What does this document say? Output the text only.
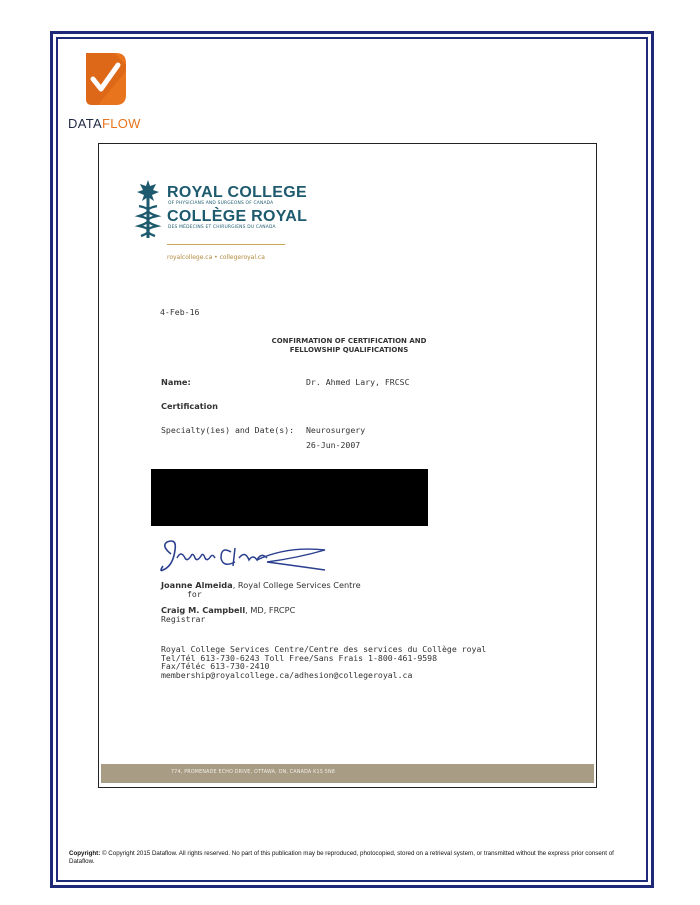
DATAFLOW
ROYAL COLLEGE
OF PHYSICIANS AND SURGEONS OF CANADA
COLLÈGE ROYAL
DES MÉDECINS ET CHIRURGIENS DU CANADA
royalcollege.ca • collegeroyal.ca
4-Feb-16
CONFIRMATION OF CERTIFICATION AND
FELLOWSHIP QUALIFICATIONS
Name:	Dr. Ahmed Lary, FRCSC
Certification
Specialty(ies) and Date(s): Neurosurgery
26-Jun-2007
Joanne Almeida, Royal College Services Centre
for
Craig M. Campbell, MD, FRCPC
Registrar
Royal College Services Centre/Centre des services du Collège royal
Tel/Tél 613-730-6243 Toll Free/Sans Frais 1-800-461-9598
Fax/Téléc 613-730-2410
membership@royalcollege.ca/adhesion@collegeroyal.ca
774, PROMENADE ECHO DRIVE, OTTAWA, ON, CANADA K1S 5N8
Copyright: © Copyright 2015 Dataflow. All rights reserved. No part of this publication may be reproduced, photocopied, stored on a retrieval system, or transmitted without the express prior consent of Dataflow.
